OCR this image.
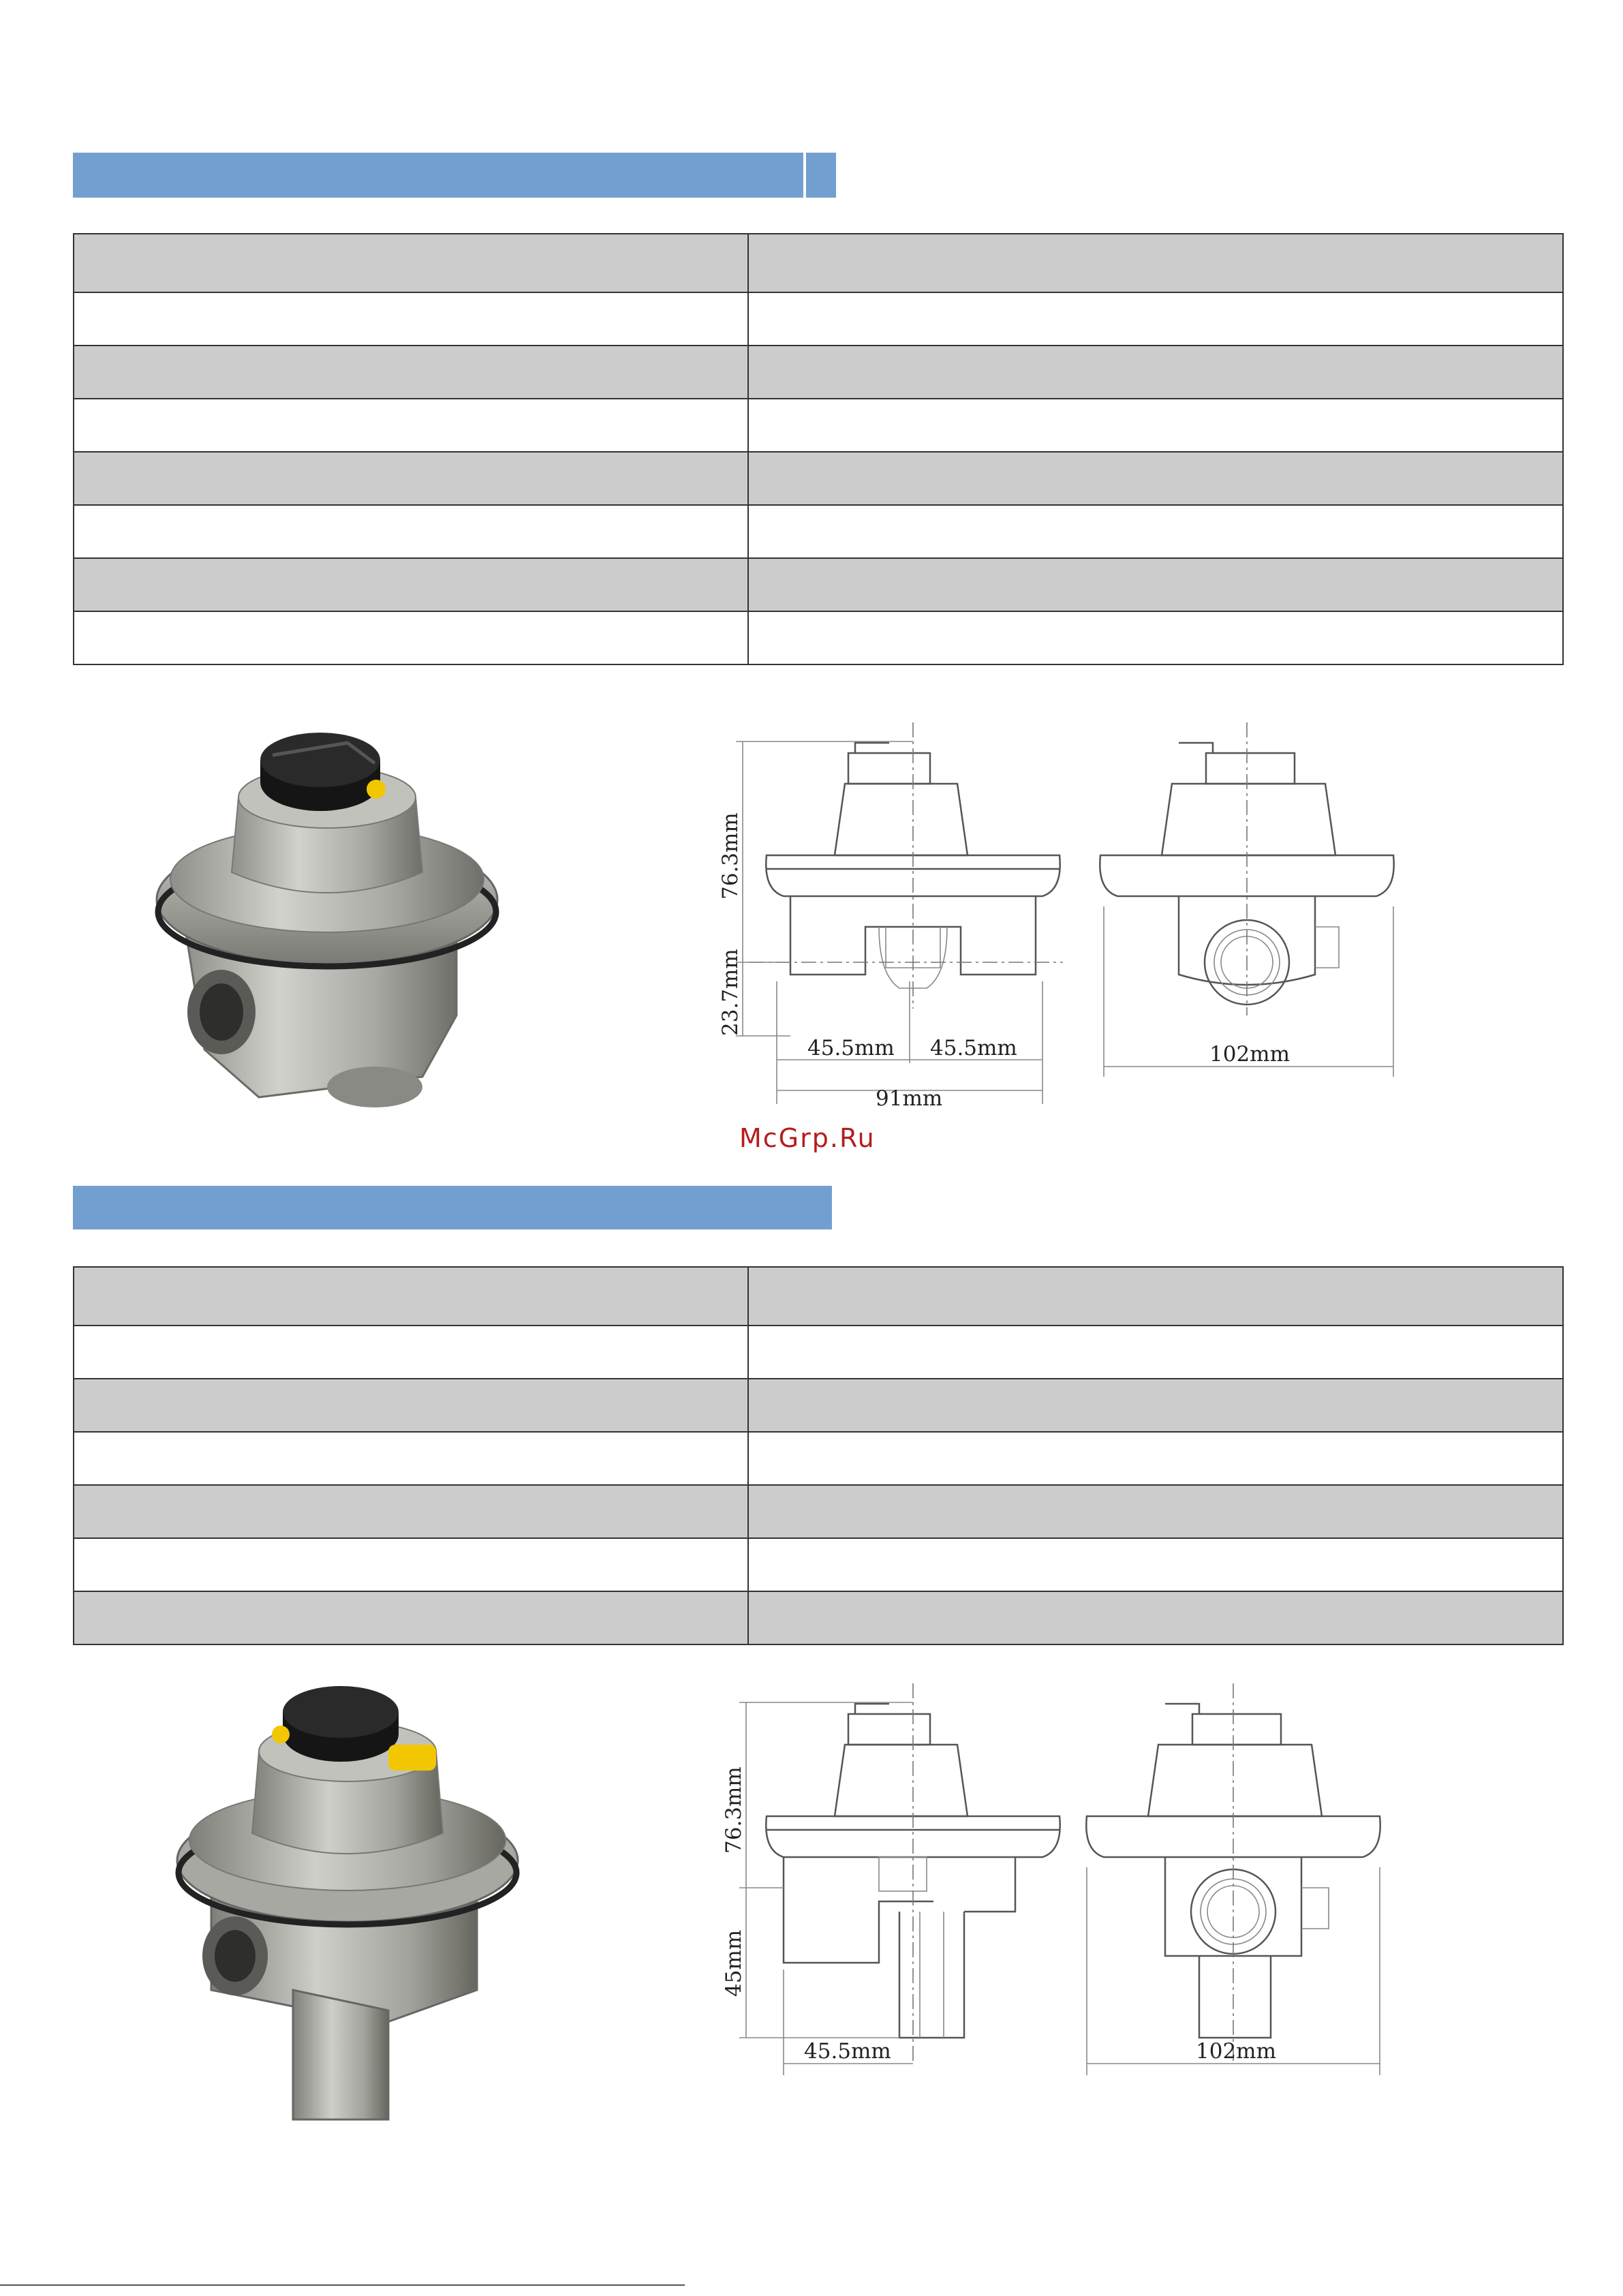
76.3mm
23.7mm
45.5mm 45.5mm
91mm
102mm
McGrp.Ru

76.3mm
45mm
45.5mm	102mm
